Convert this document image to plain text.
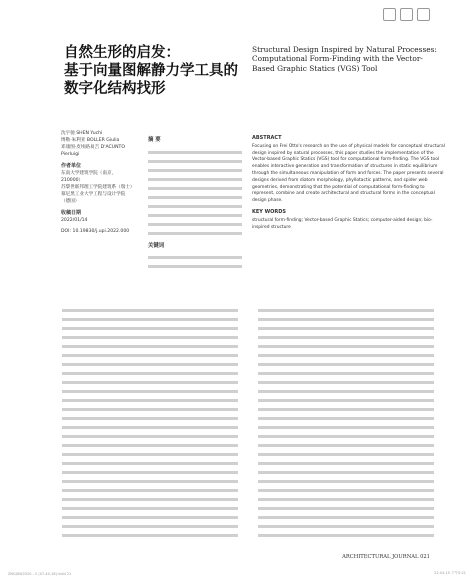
自然生形的启发：
基于向量图解静力学工具的
数字化结构找形
Structural Design Inspired by Natural Processes: Computational Form-Finding with the Vector-Based Graphic Statics (VGS) Tool
沈宇驰 SHEN Yuchi
博勒·朱利亚 BOLLER Giulia
邓康图·皮埃路易吉 D'ACUNTO Pierluigi
作者单位
东南大学建筑学院（南京，210000）
苏黎世联邦理工学院建筑系（瑞士）
慕尼黑工业大学工程与设计学院（德国）
收稿日期
2022/01/14
DOI: 10.19830/j.upi.2022.000
摘 要
关键词
ABSTRACT
Focusing on Frei Otto's research on the use of physical models for conceptual structural design inspired by natural processes, this paper studies the implementation of the Vector-based Graphic Statics (VGS) tool for computational form-finding. The VGS tool enables interactive generation and transformation of structures in static equilibrium through the simultaneous manipulation of form and forces. The paper presents several designs derived from diatom morphology, phyllotactic patterns, and spider web geometries, demonstrating that the potential of computational form-finding to represent, combine and create architectural and structural forms in the conceptual design phase.
KEY WORDS
structural form-finding; Vector-based Graphic Statics; computer-aided design; bio-inspired structure
ARCHITECTURAL JOURNAL 021
ZNGJXW2020 - 2 (07-40-18).indd 21	22-04-15 下午5:21
